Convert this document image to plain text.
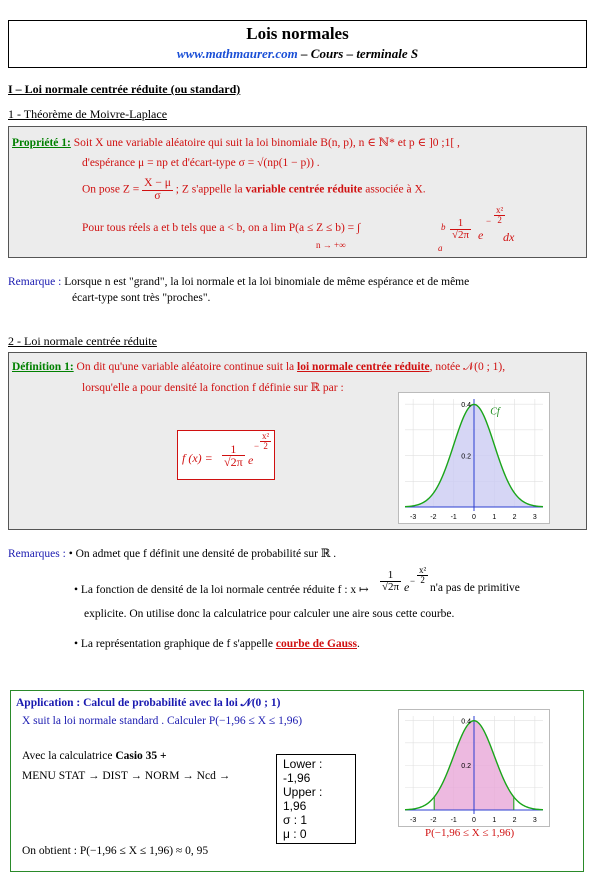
Lois normales
www.mathmaurer.com – Cours – terminale S
I – Loi normale centrée réduite (ou standard)
1 - Théorème de Moivre-Laplace
Propriété 1: Soit X une variable aléatoire qui suit la loi binomiale B(n, p), n ∈ ℕ* et p ∈ ]0 ;1[ ,
d'espérance μ = np et d'écart-type σ = √(np(1 − p)) .
On pose $Z = \frac{X - \mu}{\sigma}$ ; Z s'appelle la variable centrée réduite associée à X.
Pour tous réels a et b tels que a < b, on a lim P(a ≤ Z ≤ b) = ∫
n → +∞
b
a
$\frac{1}{√2\pi}$ e
− $\frac{\text{x²}}{2}$
dx
Remarque : Lorsque n est "grand", la loi normale et la loi binomiale de même espérance et de même
écart-type sont très "proches".
2 - Loi normale centrée réduite
Définition 1: On dit qu'une variable aléatoire continue suit la loi normale centrée réduite, notée 𝒩(0 ; 1),
lorsqu'elle a pour densité la fonction f définie sur ℝ par :
f $(x) = \frac{1}{√2\pi}$ e
− $\frac{\text{x²}}{2}$
-3 -2 -1 0 1 2 3
0.4
0.2
Cf
Remarques : • On admet que f définit une densité de probabilité sur ℝ .
• La fonction de densité de la loi normale centrée réduite f : x ↦ $\frac{1}{√2\pi}$ $e - \frac{\text{x²}}{2}$
n'a pas de primitive
explicite. On utilise donc la calculatrice pour calculer une aire sous cette courbe.
• La représentation graphique de f s'appelle courbe de Gauss.
Application : Calcul de probabilité avec la loi 𝒩(0 ; 1)
X suit la loi normale standard . Calculer P(−1,96 ≤ X ≤ 1,96)
Avec la calculatrice Casio 35 +
MENU STAT → DIST → NORM → Ncd →
Lower : -1,96
Upper : 1,96
σ : 1
μ : 0
On obtient : P(−1,96 ≤ X ≤ 1,96) ≈ 0, 95
-3 -2 -1 0 1 2 3
0.4
0.2
P(−1,96 ≤ X ≤ 1,96)
